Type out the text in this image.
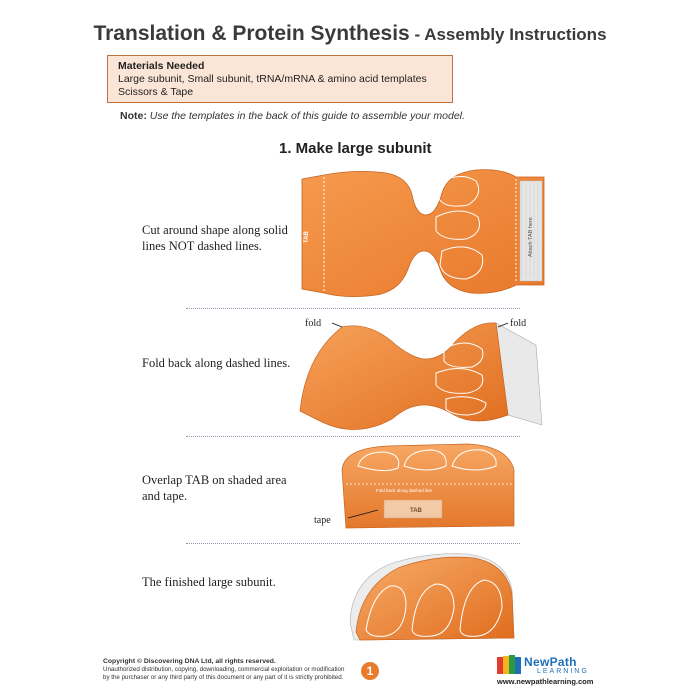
Translation & Protein Synthesis - Assembly Instructions
Materials Needed
Large subunit, Small subunit, tRNA/mRNA & amino acid templates
Scissors & Tape
Note: Use the templates in the back of this guide to assemble your model.
1. Make large subunit
Attach TAB here
TAB
Cut around shape along solid
lines NOT dashed lines.
fold	fold
Fold back along dashed lines.
Fold back along dashed line
TAB
tape
Overlap TAB on shaded area
and tape.
The finished large subunit.
Copyright © Discovering DNA Ltd, all rights reserved.
Unauthorized distribution, copying, downloading, commercial exploitation or modification
by the purchaser or any third party of this document or any part of it is strictly prohibited.	1
NewPath
LEARNING
www.newpathlearning.com
